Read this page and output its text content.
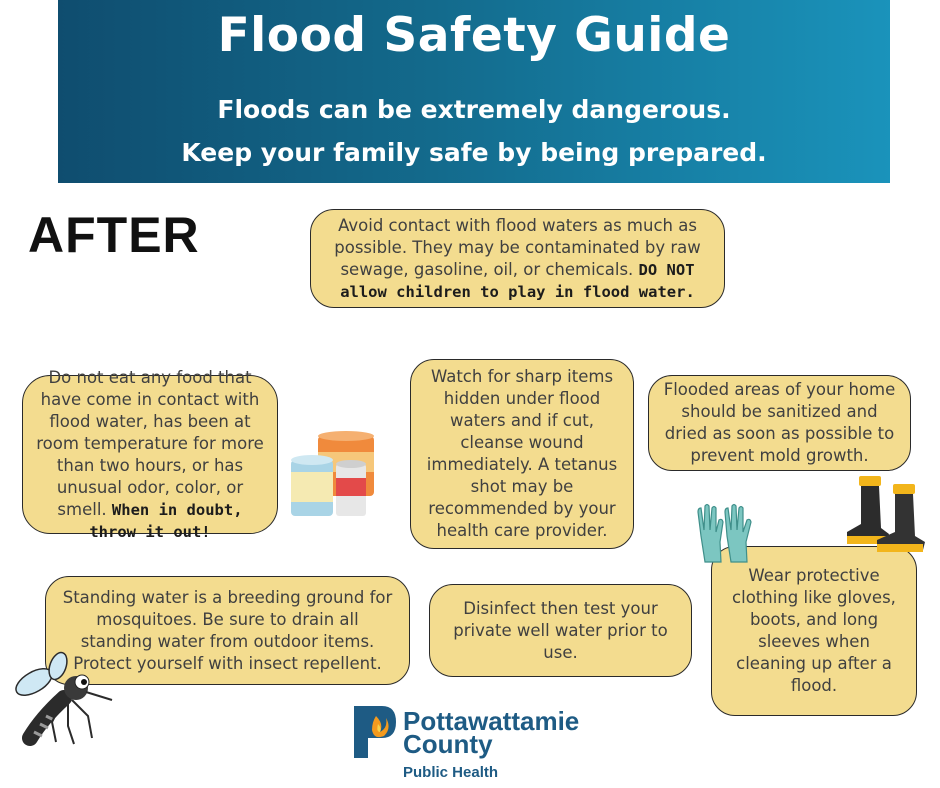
Flood Safety Guide
Floods can be extremely dangerous.
Keep your family safe by being prepared.
AFTER	Avoid contact with flood waters as much as possible. They may be contaminated by raw sewage, gasoline, oil, or chemicals. DO NOT allow children to play in flood water.
Do not eat any food that have come in contact with flood water, has been at room temperature for more than two hours, or has unusual odor, color, or smell. When in doubt, throw it out!
Watch for sharp items hidden under flood waters and if cut, cleanse wound immediately. A tetanus shot may be recommended by your health care provider.
Flooded areas of your home should be sanitized and dried as soon as possible to prevent mold growth.
Standing water is a breeding ground for mosquitoes. Be sure to drain all standing water from outdoor items. Protect yourself with insect repellent.
Disinfect then test your private well water prior to use.
Wear protective clothing like gloves, boots, and long sleeves when cleaning up after a flood.
Pottawattamie
County
Public Health
